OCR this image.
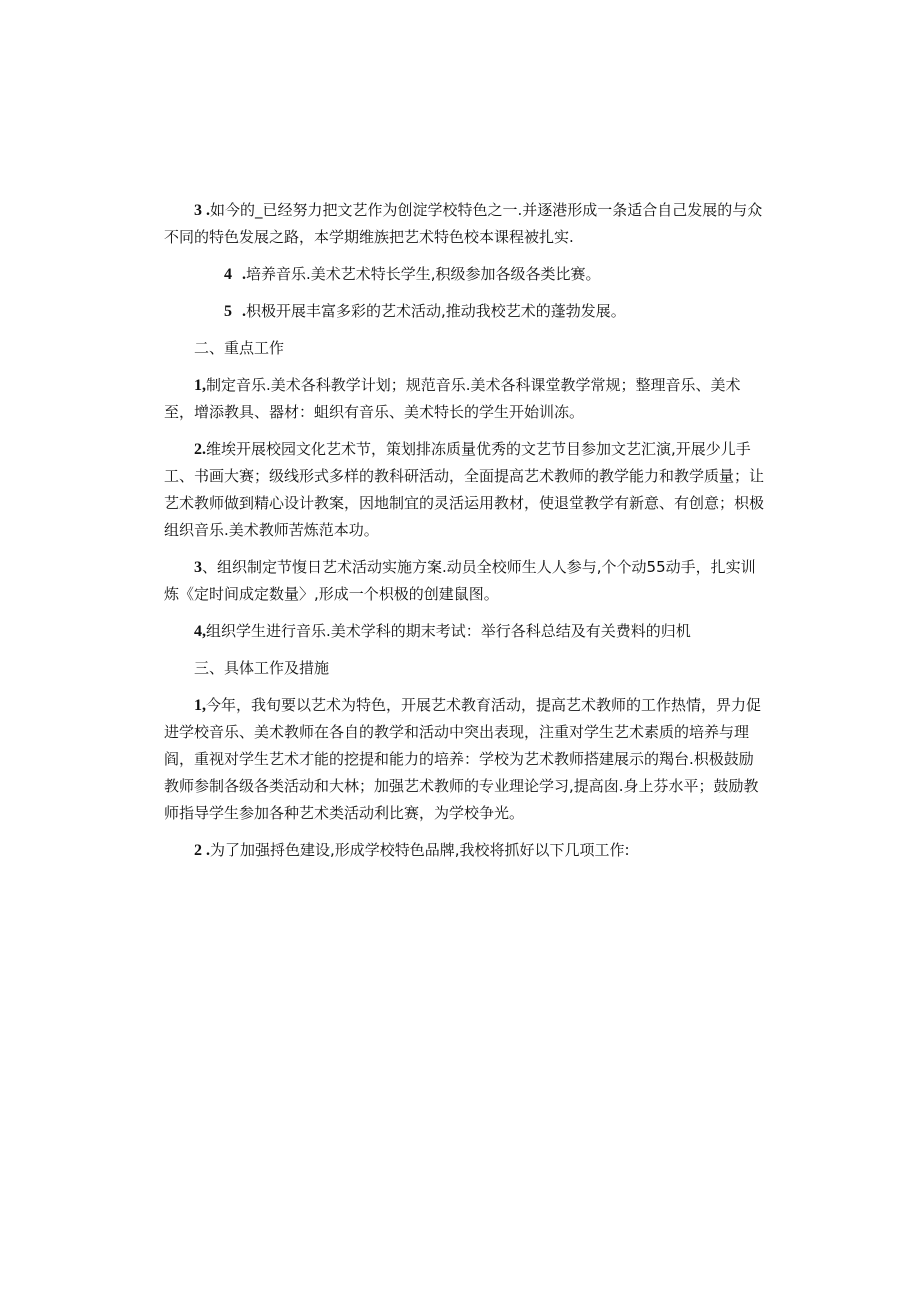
3 .如今的_已经努力把文艺作为创淀学校特色之一.并逐港形成一条适合自己发展的与众不同的特色发展之路，本学期维族把艺术特色校本课程被扎实.

4 .培养音乐.美术艺术特长学生,积级参加各级各类比赛。

5 .枳极开展丰富多彩的艺术活动,推动我校艺术的蓬勃发展。

二、重点工作

1,制定音乐.美术各科教学计划；规范音乐.美术各科课堂教学常规；整理音乐、美术至，增添教具、器材：蛆织有音乐、美术特长的学生开始训冻。

2.维埃开展校园文化艺术节，策划排冻质量优秀的文艺节目参加文艺汇演,开展少儿手工、书画大赛；级线形式多样的教科研活动，全面提高艺术教师的教学能力和教学质量；让艺术教师做到精心设计教案，因地制宜的灵活运用教材，使退堂教学有新意、有创意；枳极组织音乐.美术教师苦炼范本功。

3、组织制定节愎日艺术活动实施方案.动员全校师生人人参与,个个动55动手，扎实训炼《定时间成定数量〉,形成一个枳极的创建鼠图。

4,组织学生进行音乐.美术学科的期末考试：举行各科总结及有关费料的归机

三、具体工作及措施

1,今年，我旬要以艺术为特色，开展艺术教育活动，提高艺术教师的工作热情，畀力促进学校音乐、美术教师在各自的教学和活动中突出表现，注重对学生艺术素质的培养与理阎，重视对学生艺术才能的挖提和能力的培养：学校为艺术教师搭建展示的羯台.枳极鼓励教师参制各级各类活动和大林；加强艺术教师的专业理论学习,提高囱.身上芬水平；鼓励教师指导学生参加各种艺术类活动利比赛，为学校争光。

2 .为了加强捋色建设,形成学校特色品牌,我校将抓好以下几项工作:
